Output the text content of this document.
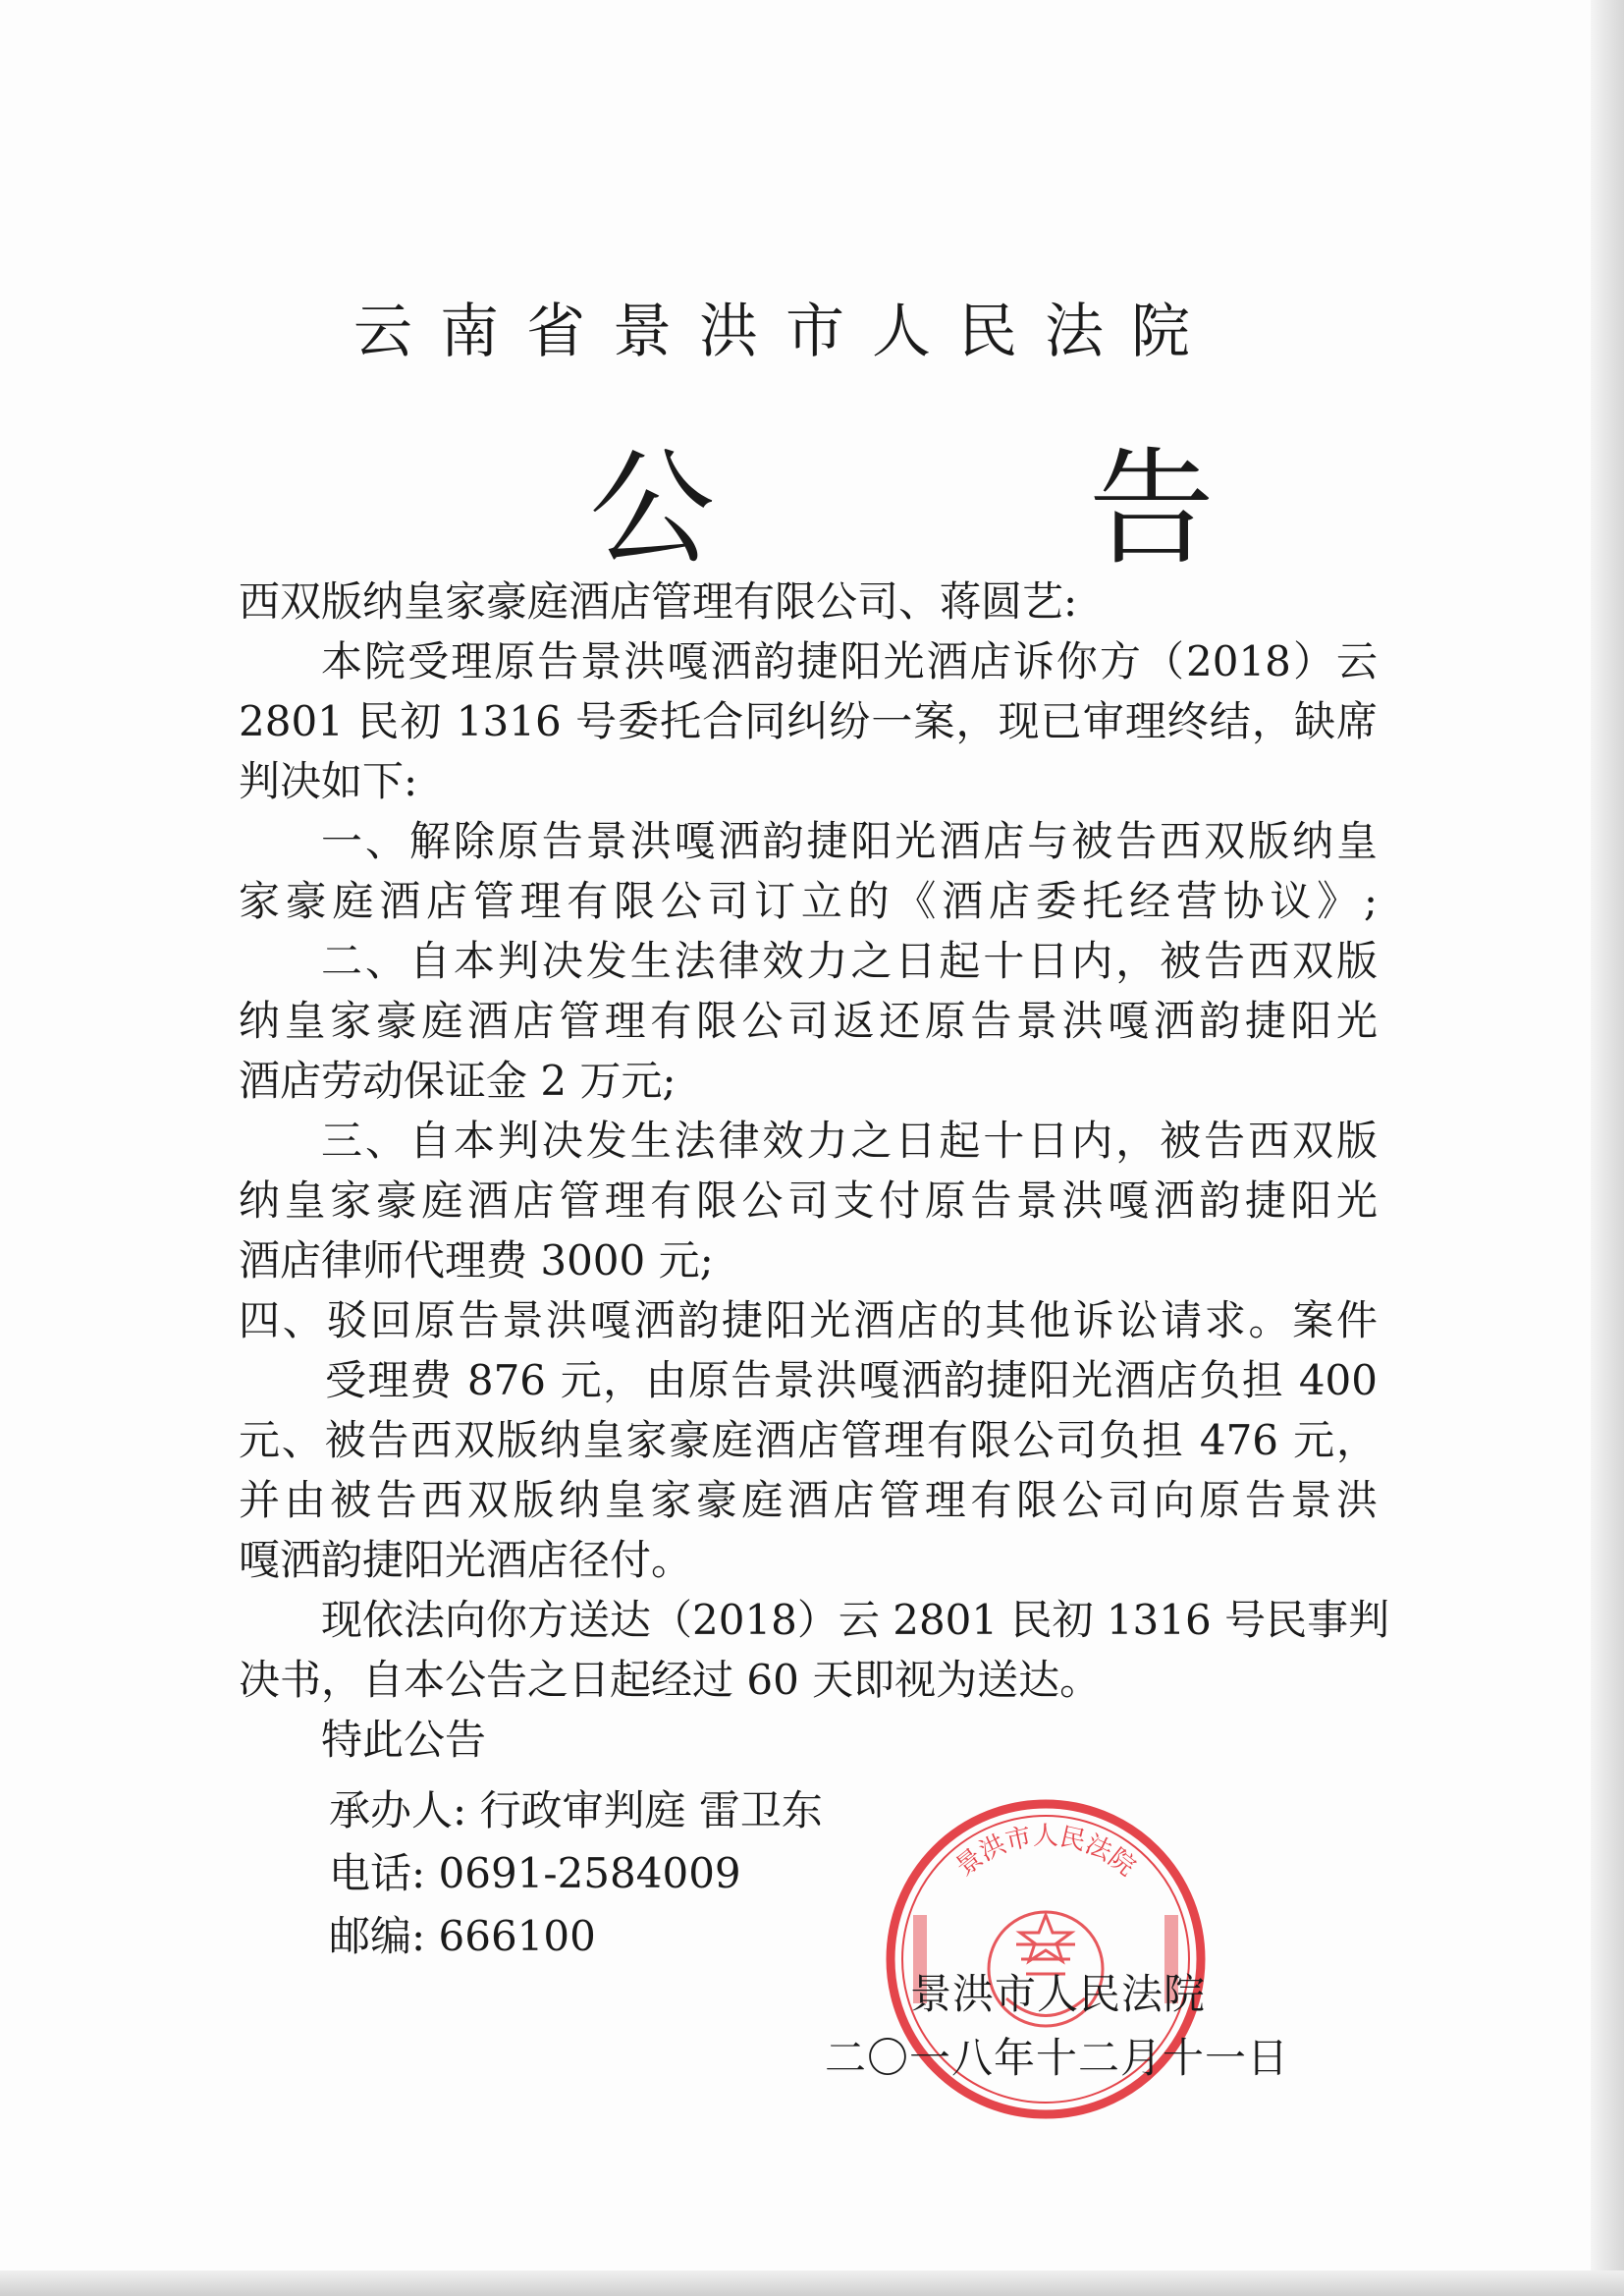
云南省景洪市人民法院
公 告
西双版纳皇家豪庭酒店管理有限公司、蒋圆艺:
本院受理原告景洪嘎洒韵捷阳光酒店诉你方（2018）云
2801 民初 1316 号委托合同纠纷一案，现已审理终结，缺席
判决如下:
一、解除原告景洪嘎洒韵捷阳光酒店与被告西双版纳皇
家豪庭酒店管理有限公司订立的《酒店委托经营协议》;
二、自本判决发生法律效力之日起十日内，被告西双版
纳皇家豪庭酒店管理有限公司返还原告景洪嘎洒韵捷阳光
酒店劳动保证金 2 万元;
三、自本判决发生法律效力之日起十日内，被告西双版
纳皇家豪庭酒店管理有限公司支付原告景洪嘎洒韵捷阳光
酒店律师代理费 3000 元;
四、驳回原告景洪嘎洒韵捷阳光酒店的其他诉讼请求。案件
受理费 876 元，由原告景洪嘎洒韵捷阳光酒店负担 400
元、被告西双版纳皇家豪庭酒店管理有限公司负担 476 元，
并由被告西双版纳皇家豪庭酒店管理有限公司向原告景洪
嘎洒韵捷阳光酒店径付。
现依法向你方送达（2018）云 2801 民初 1316 号民事判
决书，自本公告之日起经过 60 天即视为送达。
特此公告
承办人: 行政审判庭 雷卫东
电话: 0691-2584009
邮编: 666100
景洪市人民法院
景洪市人民法院
二〇一八年十二月十一日
